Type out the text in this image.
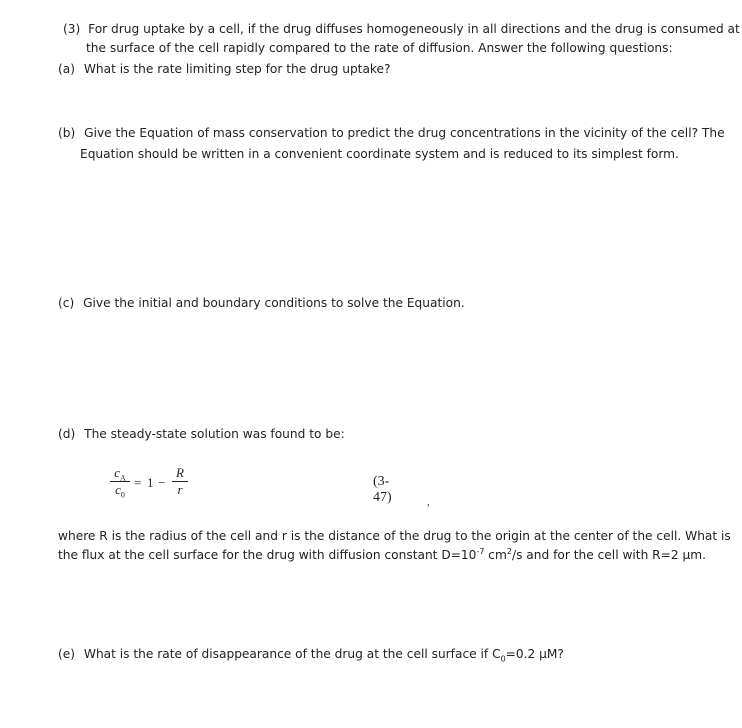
(3) For drug uptake by a cell, if the drug diffuses homogeneously in all directions and the drug is consumed at
the surface of the cell rapidly compared to the rate of diffusion. Answer the following questions:
(a) What is the rate limiting step for the drug uptake?
(b) Give the Equation of mass conservation to predict the drug concentrations in the vicinity of the cell? The
Equation should be written in a convenient coordinate system and is reduced to its simplest form.
(c) Give the initial and boundary conditions to solve the Equation.
(d) The steady-state solution was found to be:
$c_A$
$c_0$
= 1 −
R
r
(3-47)	,
where R is the radius of the cell and r is the distance of the drug to the origin at the center of the cell. What is
the flux at the cell surface for the drug with diffusion constant $D=10^{-7}$ $cm^2/s$ and for the cell with R=2 µm.
(e) What is the rate of disappearance of the drug at the cell surface if $C_0=0.2$ µM?
